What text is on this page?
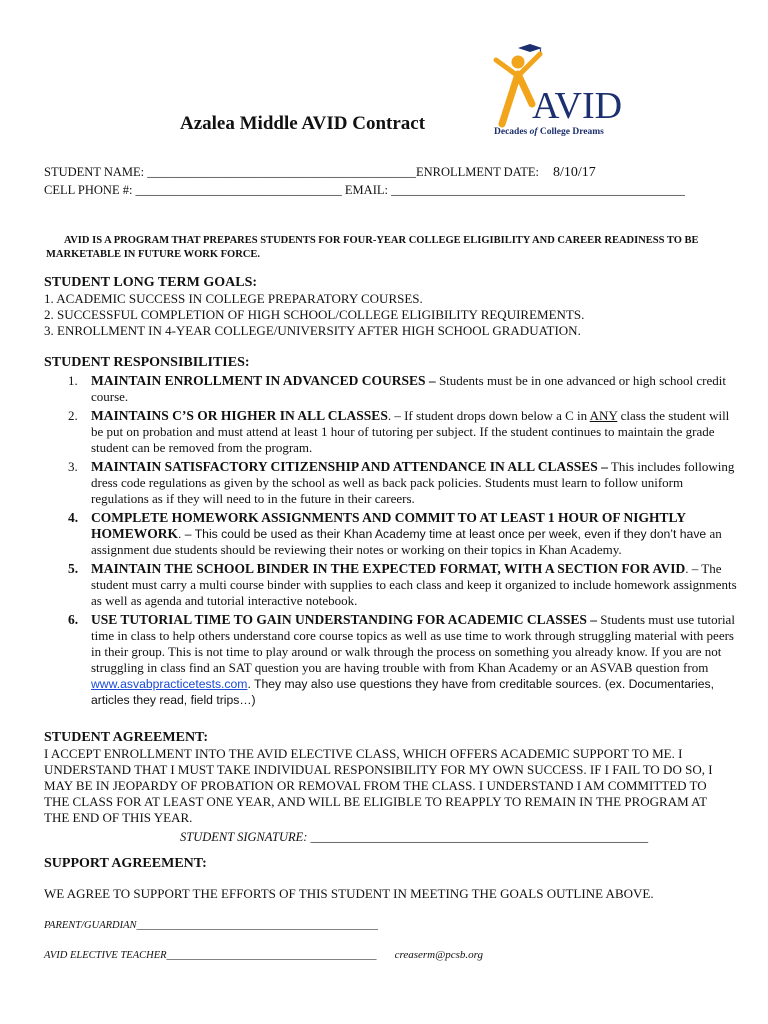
AVID
Decades of College Dreams
Azalea Middle AVID Contract
STUDENT NAME: ___________________________________________ENROLLMENT DATE: 8/10/17
CELL PHONE #: _________________________________ EMAIL: _______________________________________________
AVID IS A PROGRAM THAT PREPARES STUDENTS FOR FOUR-YEAR COLLEGE ELIGIBILITY AND CAREER READINESS TO BE MARKETABLE IN FUTURE WORK FORCE.
STUDENT LONG TERM GOALS:
1. ACADEMIC SUCCESS IN COLLEGE PREPARATORY COURSES.
2. SUCCESSFUL COMPLETION OF HIGH SCHOOL/COLLEGE ELIGIBILITY REQUIREMENTS.
3. ENROLLMENT IN 4-YEAR COLLEGE/UNIVERSITY AFTER HIGH SCHOOL GRADUATION.
STUDENT RESPONSIBILITIES:
1. MAINTAIN ENROLLMENT IN ADVANCED COURSES – Students must be in one advanced or high school credit course.
2. MAINTAINS C’S OR HIGHER IN ALL CLASSES. – If student drops down below a C in ANY class the student will be put on probation and must attend at least 1 hour of tutoring per subject. If the student continues to maintain the grade student can be removed from the program.
3. MAINTAIN SATISFACTORY CITIZENSHIP AND ATTENDANCE IN ALL CLASSES – This includes following dress code regulations as given by the school as well as back pack policies. Students must learn to follow uniform regulations as if they will need to in the future in their careers.
4. COMPLETE HOMEWORK ASSIGNMENTS AND COMMIT TO AT LEAST 1 HOUR OF NIGHTLY HOMEWORK. – This could be used as their Khan Academy time at least once per week, even if they don’t have an assignment due students should be reviewing their notes or working on their topics in Khan Academy.
5. MAINTAIN THE SCHOOL BINDER IN THE EXPECTED FORMAT, WITH A SECTION FOR AVID. – The student must carry a multi course binder with supplies to each class and keep it organized to include homework assignments as well as agenda and tutorial interactive notebook.
6. USE TUTORIAL TIME TO GAIN UNDERSTANDING FOR ACADEMIC CLASSES – Students must use tutorial time in class to help others understand core course topics as well as use time to work through struggling material with peers in their group. This is not time to play around or walk through the process on something you already know. If you are not struggling in class find an SAT question you are having trouble with from Khan Academy or an ASVAB question from www.asvabpracticetests.com. They may also use questions they have from creditable sources. (ex. Documentaries, articles they read, field trips…)
STUDENT AGREEMENT:
I ACCEPT ENROLLMENT INTO THE AVID ELECTIVE CLASS, WHICH OFFERS ACADEMIC SUPPORT TO ME. I UNDERSTAND THAT I MUST TAKE INDIVIDUAL RESPONSIBILITY FOR MY OWN SUCCESS. IF I FAIL TO DO SO, I MAY BE IN JEOPARDY OF PROBATION OR REMOVAL FROM THE CLASS. I UNDERSTAND I AM COMMITTED TO THE CLASS FOR AT LEAST ONE YEAR, AND WILL BE ELIGIBLE TO REAPPLY TO REMAIN IN THE PROGRAM AT THE END OF THIS YEAR.
STUDENT SIGNATURE: ______________________________________________________
SUPPORT AGREEMENT:
WE AGREE TO SUPPORT THE EFFORTS OF THIS STUDENT IN MEETING THE GOALS OUTLINE ABOVE.
PARENT/GUARDIAN______________________________________________
AVID ELECTIVE TEACHER________________________________________ creaserm@pcsb.org
